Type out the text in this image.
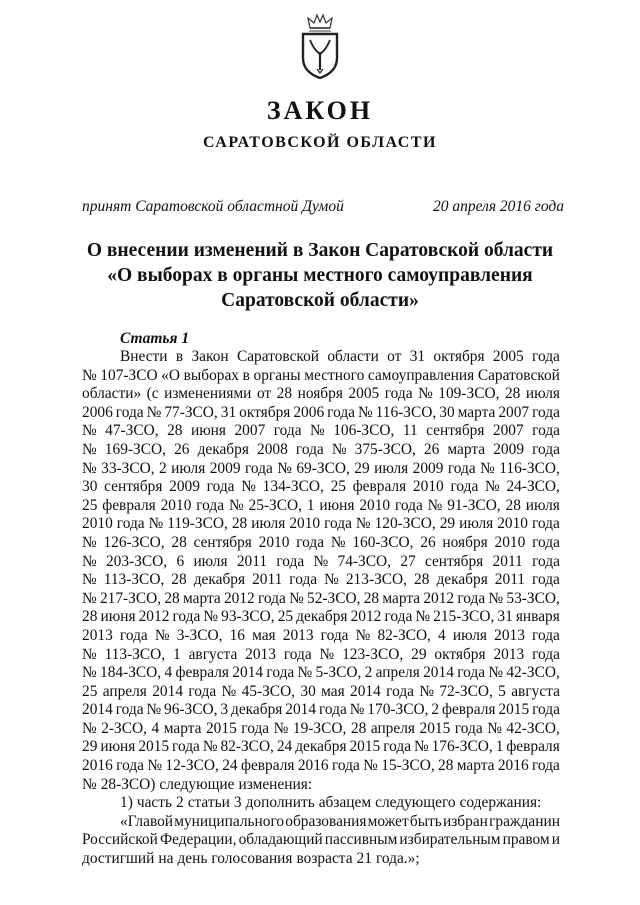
ЗАКОН
САРАТОВСКОЙ ОБЛАСТИ
принят Саратовской областной Думой	20 апреля 2016 года
О внесении изменений в Закон Саратовской области
«О выборах в органы местного самоуправления
Саратовской области»
Статья 1
Внести в Закон Саратовской области от 31 октября 2005 года
№ 107-ЗСО «О выборах в органы местного самоуправления Саратовской
области» (с изменениями от 28 ноября 2005 года № 109-ЗСО, 28 июля
2006 года № 77-ЗСО, 31 октября 2006 года № 116-ЗСО, 30 марта 2007 года
№ 47-ЗСО, 28 июня 2007 года № 106-ЗСО, 11 сентября 2007 года
№ 169-ЗСО, 26 декабря 2008 года № 375-ЗСО, 26 марта 2009 года
№ 33-ЗСО, 2 июля 2009 года № 69-ЗСО, 29 июля 2009 года № 116-ЗСО,
30 сентября 2009 года № 134-ЗСО, 25 февраля 2010 года № 24-ЗСО,
25 февраля 2010 года № 25-ЗСО, 1 июня 2010 года № 91-ЗСО, 28 июля
2010 года № 119-ЗСО, 28 июля 2010 года № 120-ЗСО, 29 июля 2010 года
№ 126-ЗСО, 28 сентября 2010 года № 160-ЗСО, 26 ноября 2010 года
№ 203-ЗСО, 6 июля 2011 года № 74-ЗСО, 27 сентября 2011 года
№ 113-ЗСО, 28 декабря 2011 года № 213-ЗСО, 28 декабря 2011 года
№ 217-ЗСО, 28 марта 2012 года № 52-ЗСО, 28 марта 2012 года № 53-ЗСО,
28 июня 2012 года № 93-ЗСО, 25 декабря 2012 года № 215-ЗСО, 31 января
2013 года № 3-ЗСО, 16 мая 2013 года № 82-ЗСО, 4 июля 2013 года
№ 113-ЗСО, 1 августа 2013 года № 123-ЗСО, 29 октября 2013 года
№ 184-ЗСО, 4 февраля 2014 года № 5-ЗСО, 2 апреля 2014 года № 42-ЗСО,
25 апреля 2014 года № 45-ЗСО, 30 мая 2014 года № 72-ЗСО, 5 августа
2014 года № 96-ЗСО, 3 декабря 2014 года № 170-ЗСО, 2 февраля 2015 года
№ 2-ЗСО, 4 марта 2015 года № 19-ЗСО, 28 апреля 2015 года № 42-ЗСО,
29 июня 2015 года № 82-ЗСО, 24 декабря 2015 года № 176-ЗСО, 1 февраля
2016 года № 12-ЗСО, 24 февраля 2016 года № 15-ЗСО, 28 марта 2016 года
№ 28-ЗСО) следующие изменения:
1) часть 2 статьи 3 дополнить абзацем следующего содержания:
«Главой муниципального образования может быть избран гражданин
Российской Федерации, обладающий пассивным избирательным правом и
достигший на день голосования возраста 21 года.»;
